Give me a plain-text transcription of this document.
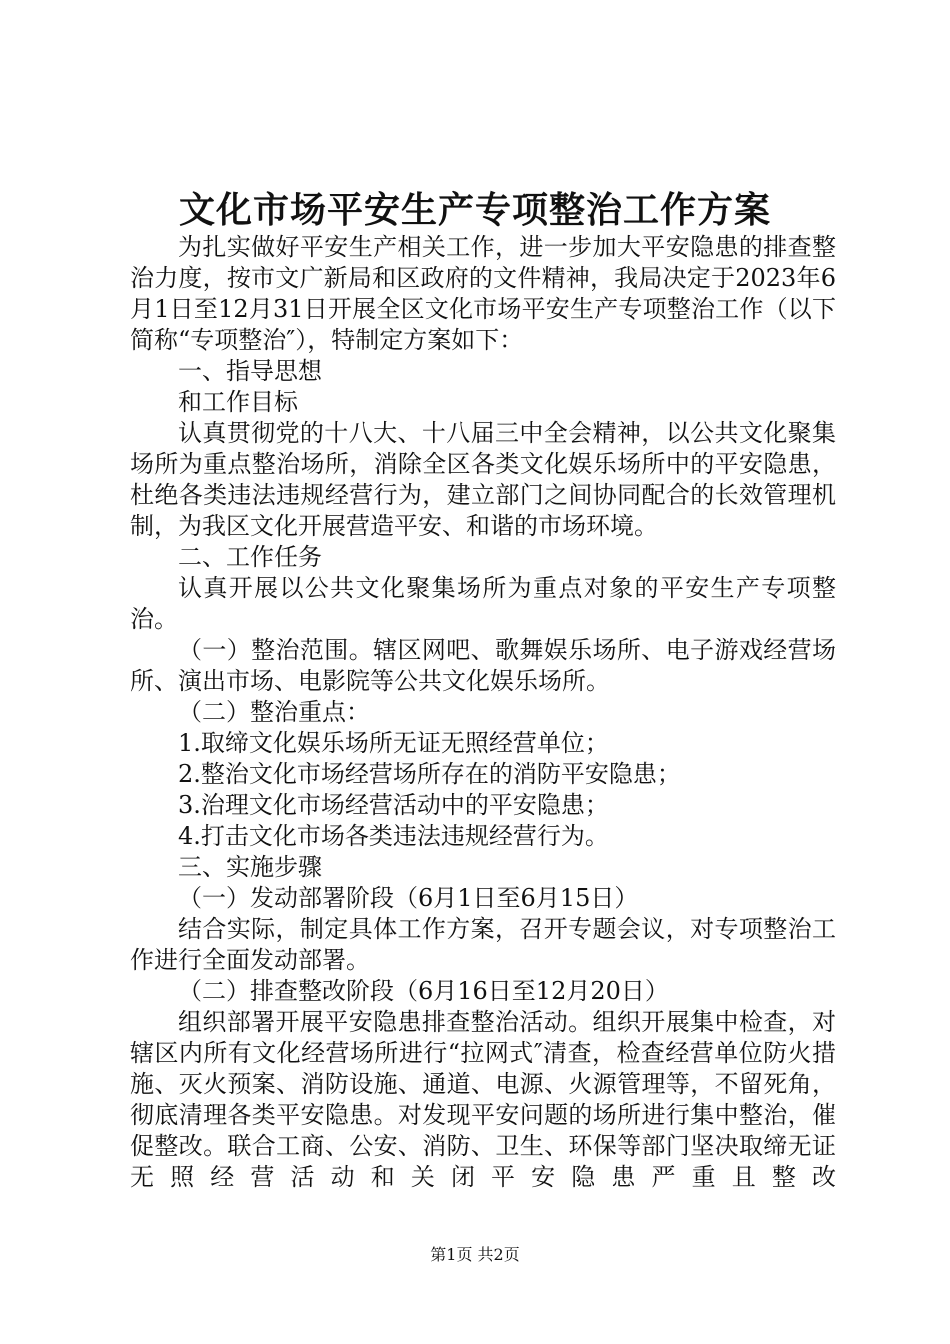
文化市场平安生产专项整治工作方案

为扎实做好平安生产相关工作，进一步加大平安隐患的排查整治力度，按市文广新局和区政府的文件精神，我局决定于2023年6月1日至12月31日开展全区文化市场平安生产专项整治工作（以下简称“专项整治″），特制定方案如下：

一、指导思想

和工作目标

认真贯彻党的十八大、十八届三中全会精神，以公共文化聚集场所为重点整治场所，消除全区各类文化娱乐场所中的平安隐患，杜绝各类违法违规经营行为，建立部门之间协同配合的长效管理机制，为我区文化开展营造平安、和谐的市场环境。

二、工作任务

认真开展以公共文化聚集场所为重点对象的平安生产专项整治。

（一）整治范围。辖区网吧、歌舞娱乐场所、电子游戏经营场所、演出市场、电影院等公共文化娱乐场所。

（二）整治重点：

1.取缔文化娱乐场所无证无照经营单位；

2.整治文化市场经营场所存在的消防平安隐患；

3.治理文化市场经营活动中的平安隐患；

4.打击文化市场各类违法违规经营行为。

三、实施步骤

（一）发动部署阶段（6月1日至6月15日）

结合实际，制定具体工作方案，召开专题会议，对专项整治工作进行全面发动部署。

（二）排查整改阶段（6月16日至12月20日）

组织部署开展平安隐患排查整治活动。组织开展集中检查，对辖区内所有文化经营场所进行“拉网式″清查，检查经营单位防火措施、灭火预案、消防设施、通道、电源、火源管理等，不留死角，彻底清理各类平安隐患。对发现平安问题的场所进行集中整治，催促整改。联合工商、公安、消防、卫生、环保等部门坚决取缔无证无照经营活动和关闭平安隐患严重且整改

第1页 共2页
